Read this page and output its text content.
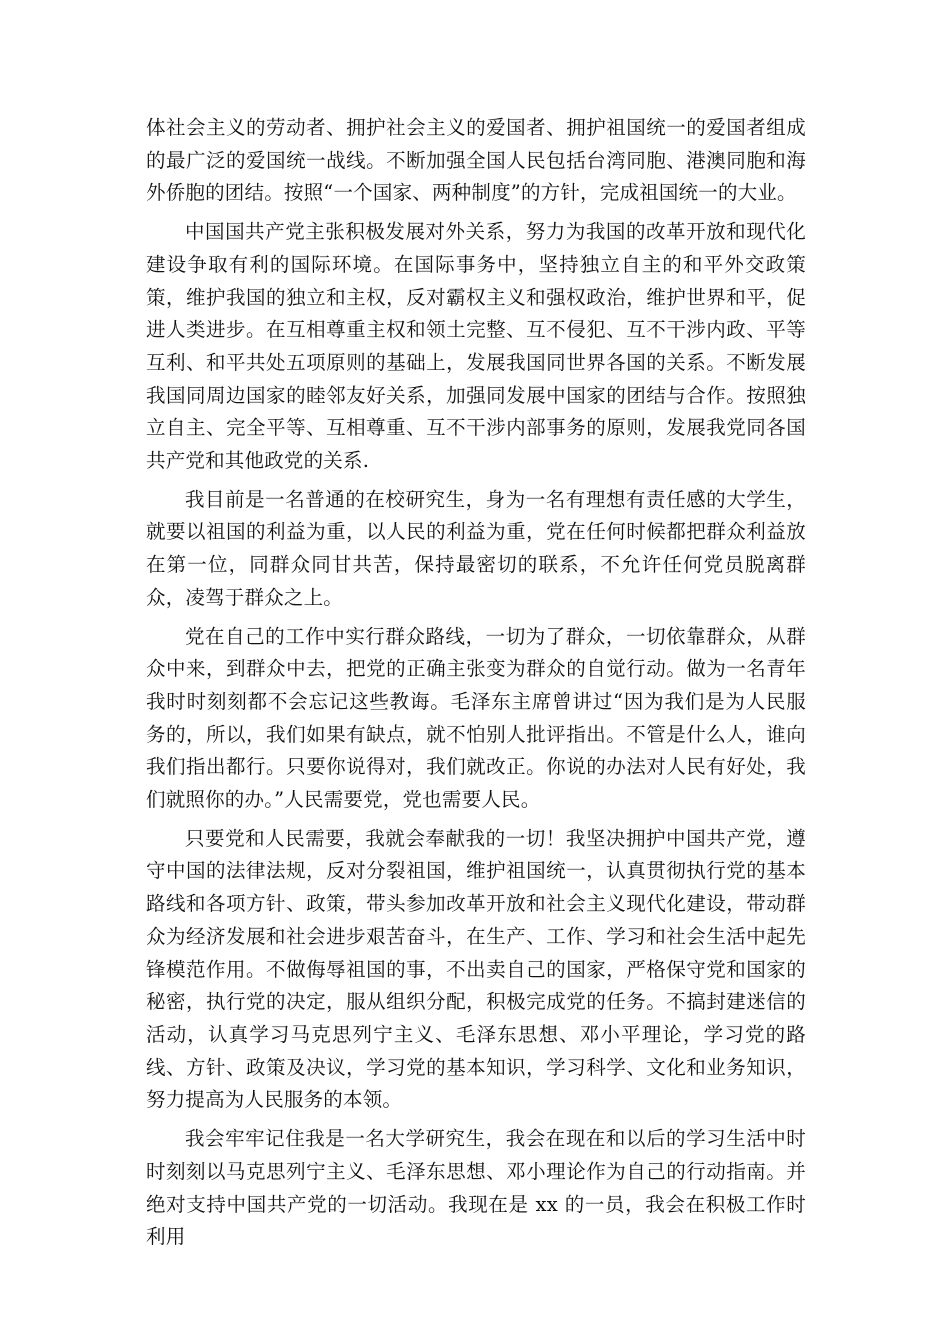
体社会主义的劳动者、拥护社会主义的爱国者、拥护祖国统一的爱国者组成的最广泛的爱国统一战线。不断加强全国人民包括台湾同胞、港澳同胞和海外侨胞的团结。按照“一个国家、两种制度”的方针，完成祖国统一的大业。

中国国共产党主张积极发展对外关系，努力为我国的改革开放和现代化建设争取有利的国际环境。在国际事务中，坚持独立自主的和平外交政策策，维护我国的独立和主权，反对霸权主义和强权政治，维护世界和平，促进人类进步。在互相尊重主权和领土完整、互不侵犯、互不干涉内政、平等互利、和平共处五项原则的基础上，发展我国同世界各国的关系。不断发展我国同周边国家的睦邻友好关系，加强同发展中国家的团结与合作。按照独立自主、完全平等、互相尊重、互不干涉内部事务的原则，发展我党同各国共产党和其他政党的关系.

我目前是一名普通的在校研究生，身为一名有理想有责任感的大学生，就要以祖国的利益为重，以人民的利益为重，党在任何时候都把群众利益放在第一位，同群众同甘共苦，保持最密切的联系，不允许任何党员脱离群众，凌驾于群众之上。

党在自己的工作中实行群众路线，一切为了群众，一切依靠群众，从群众中来，到群众中去，把党的正确主张变为群众的自觉行动。做为一名青年我时时刻刻都不会忘记这些教诲。毛泽东主席曾讲过“因为我们是为人民服务的，所以，我们如果有缺点，就不怕别人批评指出。不管是什么人，谁向我们指出都行。只要你说得对，我们就改正。你说的办法对人民有好处，我们就照你的办。”人民需要党，党也需要人民。

只要党和人民需要，我就会奉献我的一切！我坚决拥护中国共产党，遵守中国的法律法规，反对分裂祖国，维护祖国统一，认真贯彻执行党的基本路线和各项方针、政策，带头参加改革开放和社会主义现代化建设，带动群众为经济发展和社会进步艰苦奋斗，在生产、工作、学习和社会生活中起先锋模范作用。不做侮辱祖国的事，不出卖自己的国家，严格保守党和国家的秘密，执行党的决定，服从组织分配，积极完成党的任务。不搞封建迷信的活动，认真学习马克思列宁主义、毛泽东思想、邓小平理论，学习党的路线、方针、政策及决议，学习党的基本知识，学习科学、文化和业务知识，努力提高为人民服务的本领。

我会牢牢记住我是一名大学研究生，我会在现在和以后的学习生活中时时刻刻以马克思列宁主义、毛泽东思想、邓小理论作为自己的行动指南。并绝对支持中国共产党的一切活动。我现在是 xx 的一员，我会在积极工作时利用
